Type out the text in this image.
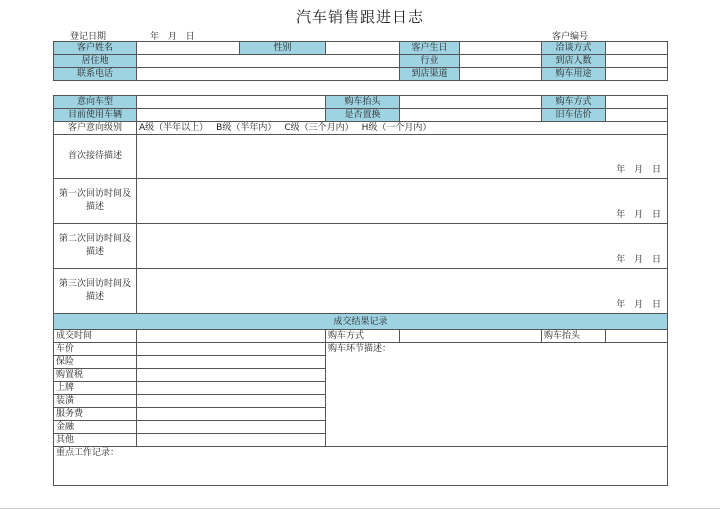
汽车销售跟进日志
登记日期	年 月 日	客户编号
客户姓名		性别		客户生日		洽谈方式	
居住地				行业		到店人数	
联系电话				到店渠道		购车用途	
意向车型		购车抬头		购车方式	
目前使用车辆		是否置换		旧车估价	
客户意向级别	A级（半年以上） B级（半年内） C级（三个月内） H级（一个月内）				
首次接待描述	年 月 日				

第一次回访时间及描述	年 月 日				

第二次回访时间及描述	年 月 日				

第三次回访时间及描述	年 月 日				

成交结果记录					
成交时间		购车方式		购车抬头	
车价		购车环节描述：			
保险					
购置税					
上牌					
装潢					
服务费					
金融					
其他					
重点工作记录：					
